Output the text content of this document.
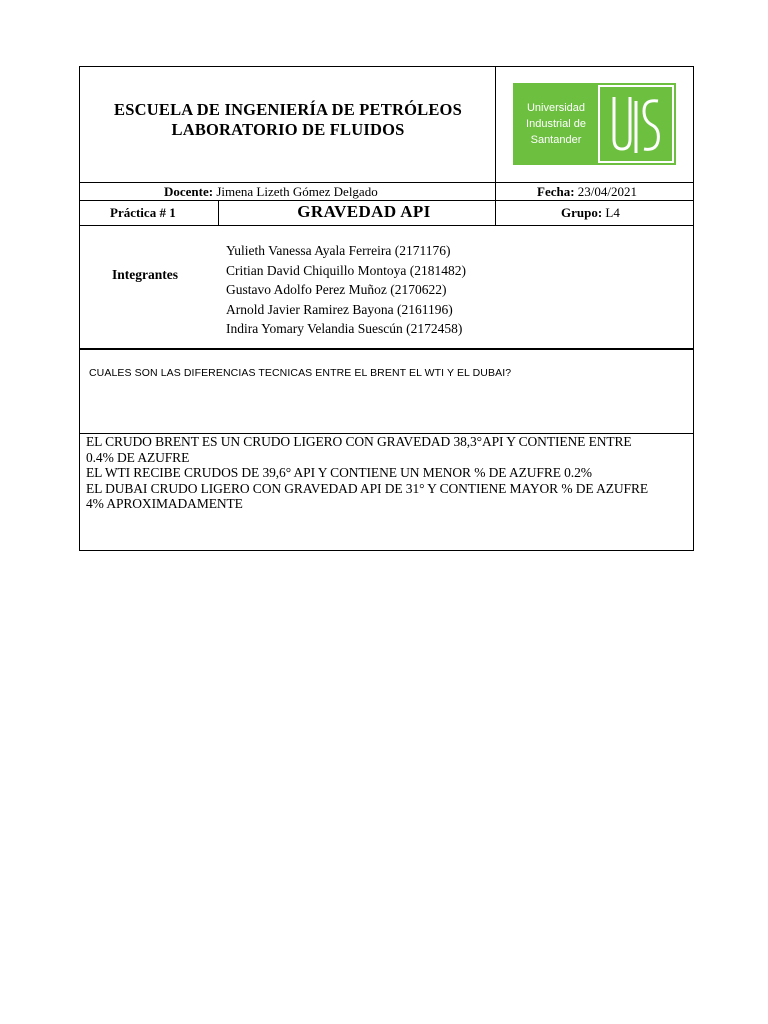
ESCUELA DE INGENIERÍA DE PETRÓLEOS
LABORATORIO DE FLUIDOS
Universidad
Industrial de
Santander
Docente: Jimena Lizeth Gómez Delgado	Fecha: 23/04/2021
Práctica # 1	GRAVEDAD API	Grupo: L4
Integrantes
Yulieth Vanessa Ayala Ferreira (2171176)
Critian David Chiquillo Montoya (2181482)
Gustavo Adolfo Perez Muñoz (2170622)
Arnold Javier Ramirez Bayona (2161196)
Indira Yomary Velandia Suescún (2172458)
CUALES SON LAS DIFERENCIAS TECNICAS ENTRE EL BRENT EL WTI Y EL DUBAI?
EL CRUDO BRENT ES UN CRUDO LIGERO CON GRAVEDAD 38,3°API Y CONTIENE ENTRE
0.4% DE AZUFRE
EL WTI RECIBE CRUDOS DE 39,6° API Y CONTIENE UN MENOR % DE AZUFRE 0.2%
EL DUBAI CRUDO LIGERO CON GRAVEDAD API DE 31° Y CONTIENE MAYOR % DE AZUFRE
4% APROXIMADAMENTE
